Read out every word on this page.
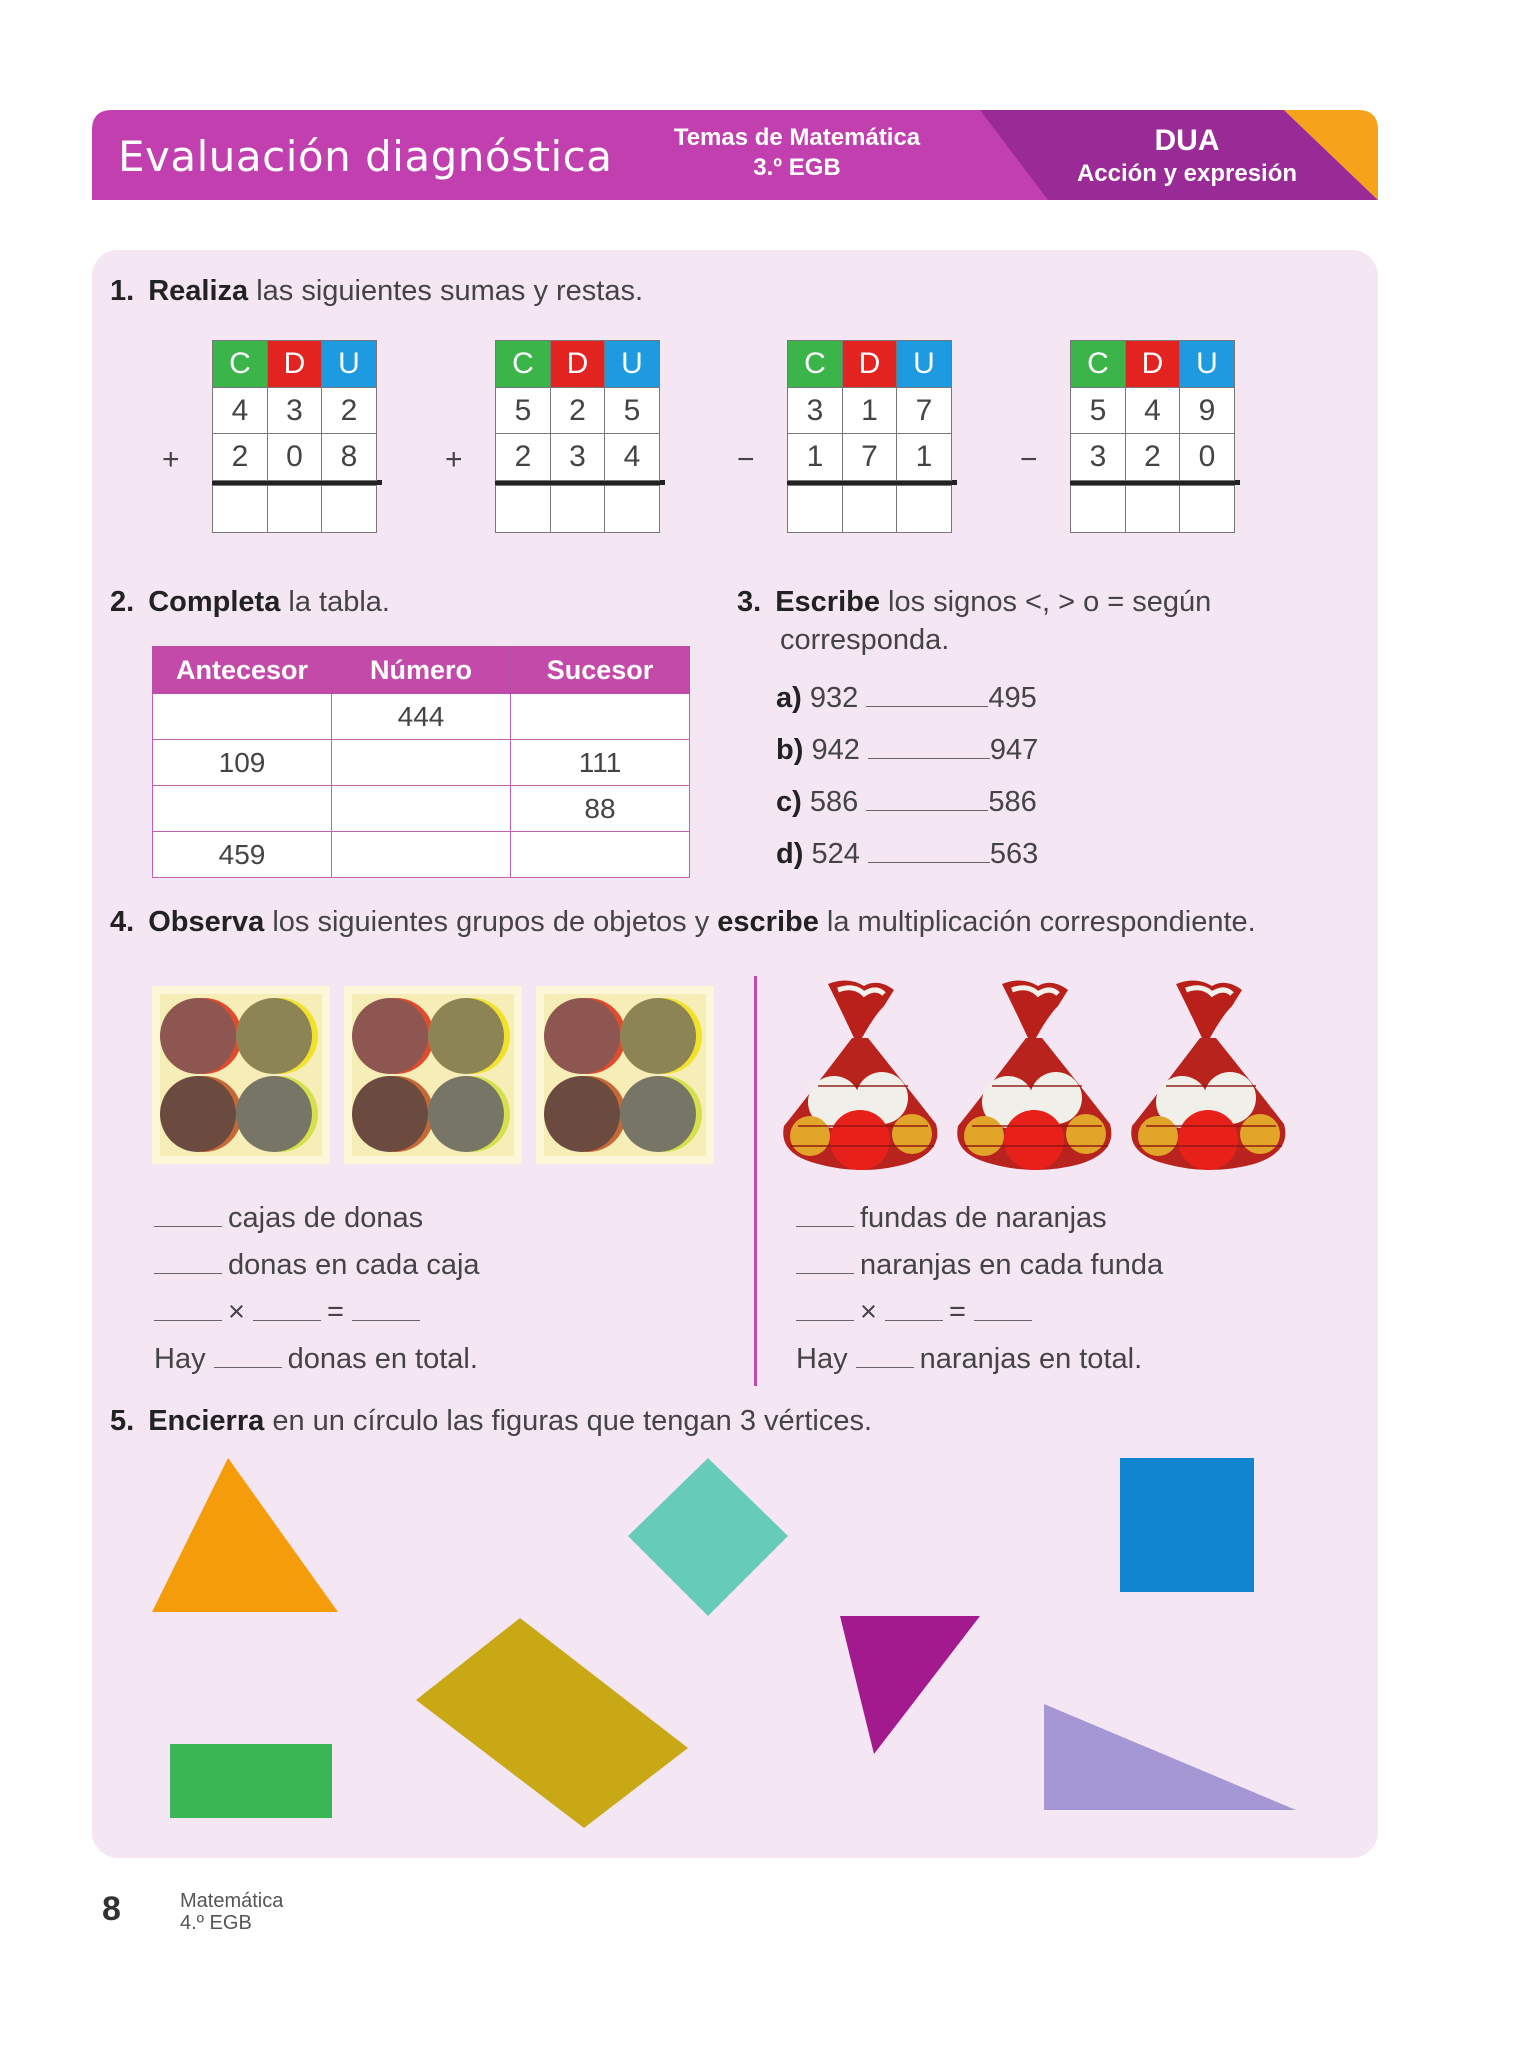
Evaluación diagnóstica	Temas de Matemática
3.º EGB
DUA
Acción y expresión
1. Realiza las siguientes sumas y restas.
C	D	U
4	3	2
2	0	8
+
C	D	U
5	2	5
2	3	4
+
C	D	U
3	1	7
1	7	1
−
C	D	U
5	4	9
3	2	0
−
2. Completa la tabla.
Antecesor	Número	Sucesor
	444	
109		111
		88
459		
3. Escribe los signos <, > o = según
corresponda.
a) 932	495
b) 942	947
c) 586	586
d) 524	563
4. Observa los siguientes grupos de objetos y escribe la multiplicación correspondiente.
cajas de donas
donas en cada caja
×	=
Hay	donas en total.
fundas de naranjas
naranjas en cada funda
× =
Hay naranjas en total.
5. Encierra en un círculo las figuras que tengan 3 vértices.
8	Matemática
4.º EGB
